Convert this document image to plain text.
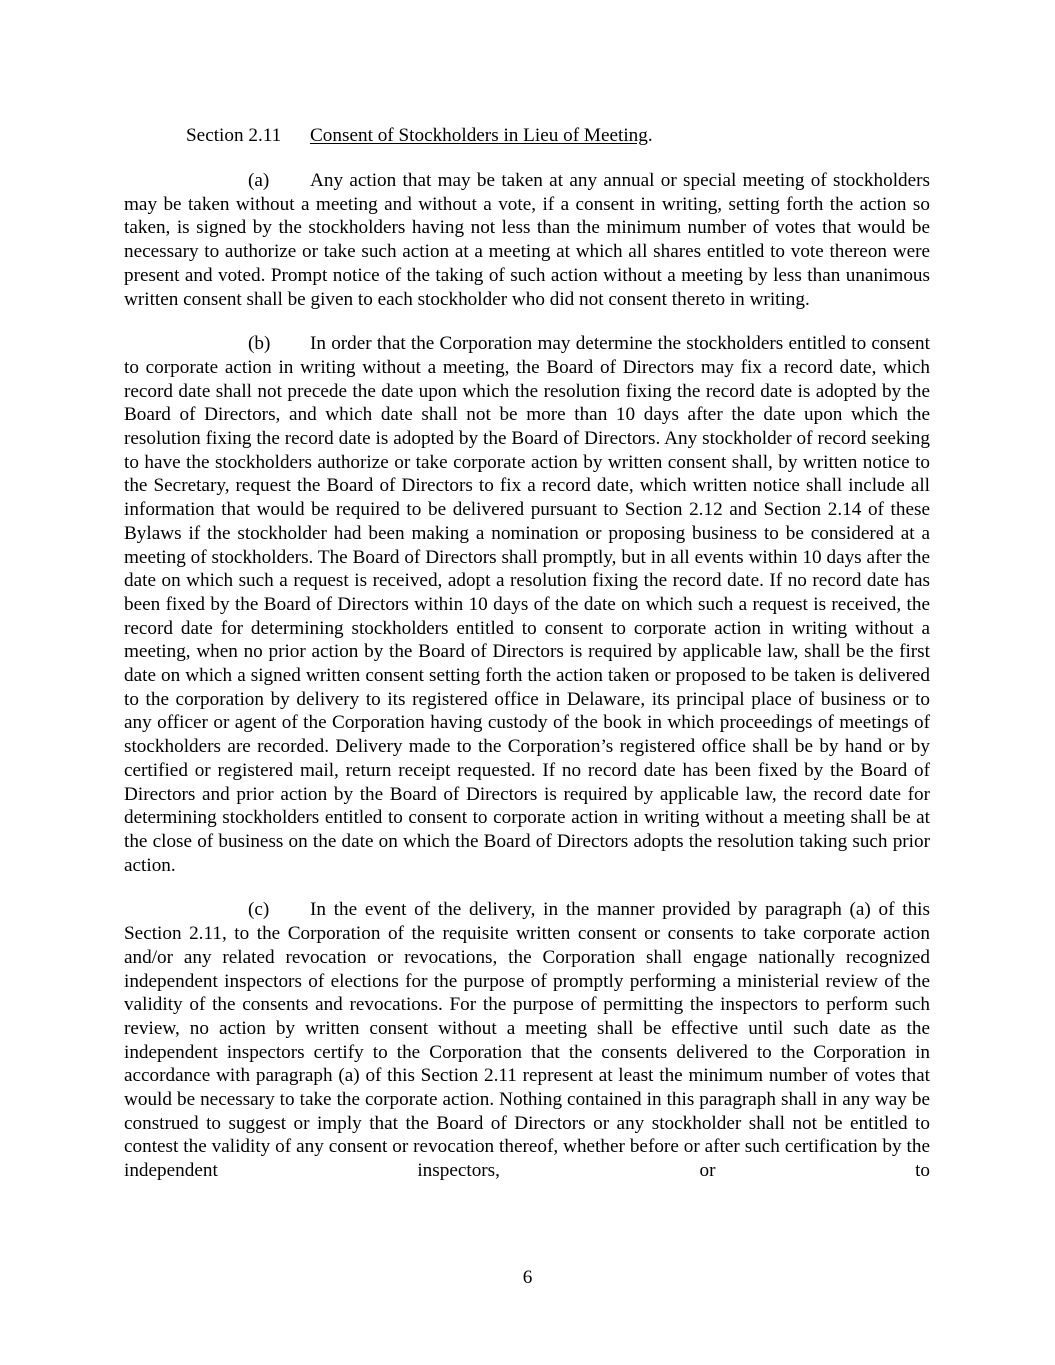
Section 2.11 Consent of Stockholders in Lieu of Meeting.

(a) Any action that may be taken at any annual or special meeting of stockholders may be taken without a meeting and without a vote, if a consent in writing, setting forth the action so taken, is signed by the stockholders having not less than the minimum number of votes that would be necessary to authorize or take such action at a meeting at which all shares entitled to vote thereon were present and voted. Prompt notice of the taking of such action without a meeting by less than unanimous written consent shall be given to each stockholder who did not consent thereto in writing.

(b) In order that the Corporation may determine the stockholders entitled to consent to corporate action in writing without a meeting, the Board of Directors may fix a record date, which record date shall not precede the date upon which the resolution fixing the record date is adopted by the Board of Directors, and which date shall not be more than 10 days after the date upon which the resolution fixing the record date is adopted by the Board of Directors. Any stockholder of record seeking to have the stockholders authorize or take corporate action by written consent shall, by written notice to the Secretary, request the Board of Directors to fix a record date, which written notice shall include all information that would be required to be delivered pursuant to Section 2.12 and Section 2.14 of these Bylaws if the stockholder had been making a nomination or proposing business to be considered at a meeting of stockholders. The Board of Directors shall promptly, but in all events within 10 days after the date on which such a request is received, adopt a resolution fixing the record date. If no record date has been fixed by the Board of Directors within 10 days of the date on which such a request is received, the record date for determining stockholders entitled to consent to corporate action in writing without a meeting, when no prior action by the Board of Directors is required by applicable law, shall be the first date on which a signed written consent setting forth the action taken or proposed to be taken is delivered to the corporation by delivery to its registered office in Delaware, its principal place of business or to any officer or agent of the Corporation having custody of the book in which proceedings of meetings of stockholders are recorded. Delivery made to the Corporation’s registered office shall be by hand or by certified or registered mail, return receipt requested. If no record date has been fixed by the Board of Directors and prior action by the Board of Directors is required by applicable law, the record date for determining stockholders entitled to consent to corporate action in writing without a meeting shall be at the close of business on the date on which the Board of Directors adopts the resolution taking such prior action.

(c) In the event of the delivery, in the manner provided by paragraph (a) of this Section 2.11, to the Corporation of the requisite written consent or consents to take corporate action and/or any related revocation or revocations, the Corporation shall engage nationally recognized independent inspectors of elections for the purpose of promptly performing a ministerial review of the validity of the consents and revocations. For the purpose of permitting the inspectors to perform such review, no action by written consent without a meeting shall be effective until such date as the independent inspectors certify to the Corporation that the consents delivered to the Corporation in accordance with paragraph (a) of this Section 2.11 represent at least the minimum number of votes that would be necessary to take the corporate action. Nothing contained in this paragraph shall in any way be construed to suggest or imply that the Board of Directors or any stockholder shall not be entitled to contest the validity of any consent or revocation thereof, whether before or after such certification by the independent inspectors, or to

6
